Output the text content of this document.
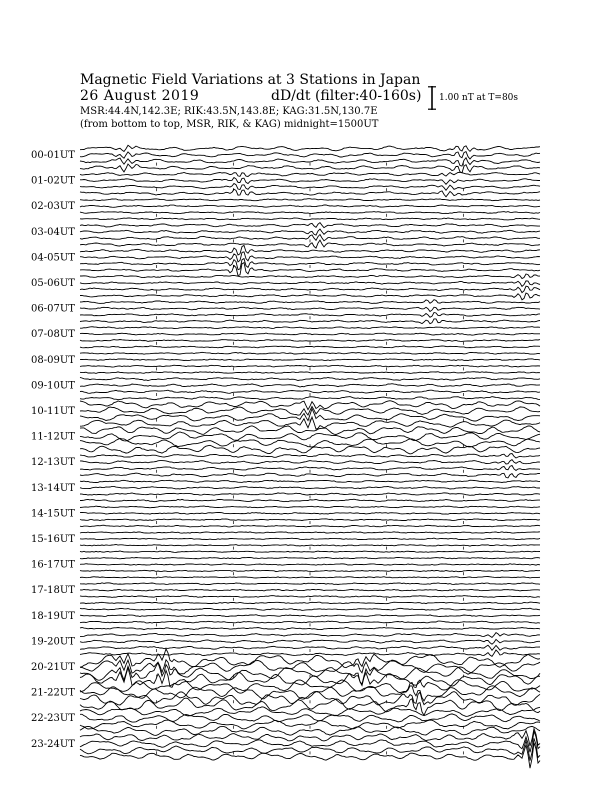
Magnetic Field Variations at 3 Stations in Japan
26 August 2019	dD/dt (filter:40-160s)
MSR:44.4N,142.3E; RIK:43.5N,143.8E; KAG:31.5N,130.7E
(from bottom to top, MSR, RIK, & KAG) midnight=1500UT
1.00 nT at T=80s
00-01UT
01-02UT
02-03UT
03-04UT
04-05UT
05-06UT
06-07UT
07-08UT
08-09UT
09-10UT
10-11UT
11-12UT
12-13UT
13-14UT
14-15UT
15-16UT
16-17UT
17-18UT
18-19UT
19-20UT
20-21UT
21-22UT
22-23UT
23-24UT
